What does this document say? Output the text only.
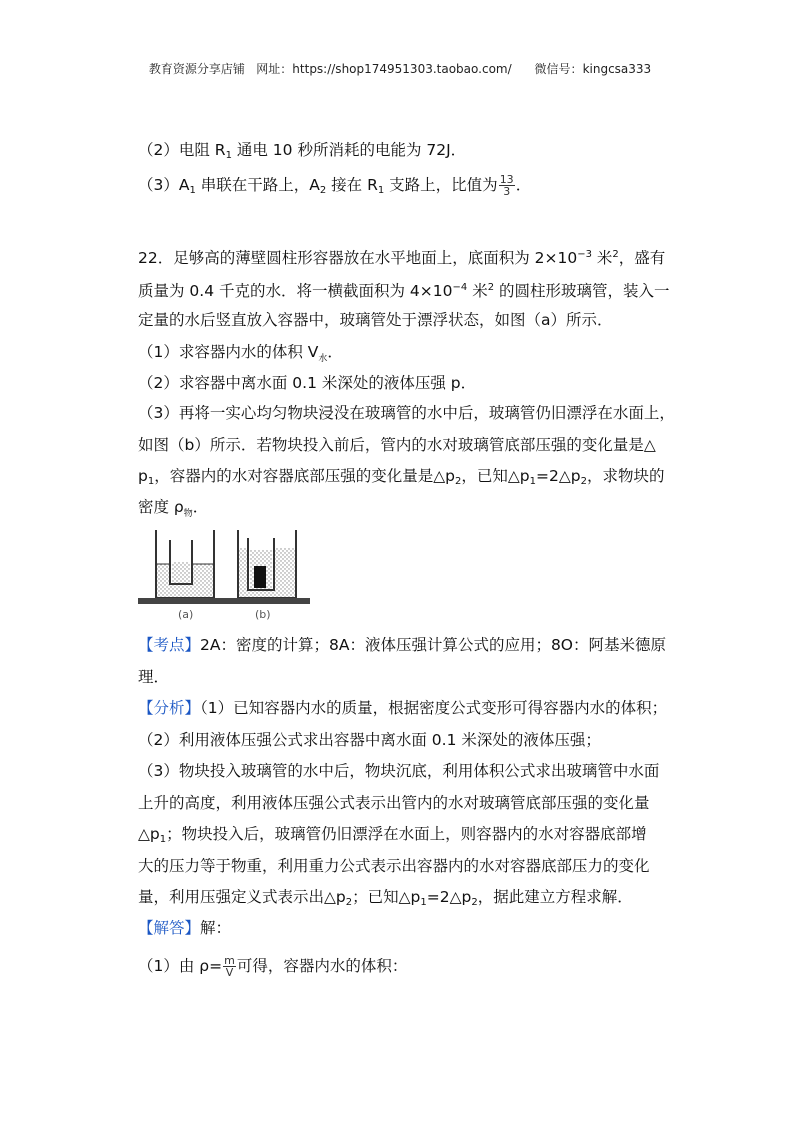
教育资源分享店铺 网址：https://shop174951303.taobao.com/ 微信号：kingcsa333
（2）电阻 $R_1$ 通电 10 秒所消耗的电能为 72J．
$(3)A_1$ 串联在干路上，$A_2$ 接在 $R_1$ 支路上，比值为 $\frac{13}{3}$ ．
22．足够高的薄壁圆柱形容器放在水平地面上，底面积为 $2\times 10^{-3}$ 米$^2$，盛有
质量为 0.4 千克的水．将一横截面积为 $4\times 10^{-4}$ 米$^2$ 的圆柱形玻璃管，装入一
定量的水后竖直放入容器中，玻璃管处于漂浮状态，如图（a）所示．
（1）求容器内水的体积 $V_水$．
（2）求容器中离水面 0.1 米深处的液体压强 p．
（3）再将一实心均匀物块浸没在玻璃管的水中后，玻璃管仍旧漂浮在水面上，
如图（b）所示．若物块投入前后，管内的水对玻璃管底部压强的变化量是△
$p_1$，容器内的水对容器底部压强的变化量是$\triangle p_2$，已知$\triangle p_1=2\triangle p_2$，求物块的
密度 $\rho_物$．
(a)	(b)
【考点】2A：密度的计算；8A：液体压强计算公式的应用；8O：阿基米德原
理．
【分析】（1）已知容器内水的质量，根据密度公式变形可得容器内水的体积；
（2）利用液体压强公式求出容器中离水面 0.1 米深处的液体压强；
（3）物块投入玻璃管的水中后，物块沉底，利用体积公式求出玻璃管中水面
上升的高度，利用液体压强公式表示出管内的水对玻璃管底部压强的变化量
$\triangle p_1$；物块投入后，玻璃管仍旧漂浮在水面上，则容器内的水对容器底部增
大的压力等于物重，利用重力公式表示出容器内的水对容器底部压力的变化
量，利用压强定义式表示出$\triangle p_2$；已知$\triangle p_1=2\triangle p_2$，据此建立方程求解．
【解答】解：
（1）由 $\rho= \frac{m}{V}$ 可得，容器内水的体积：
